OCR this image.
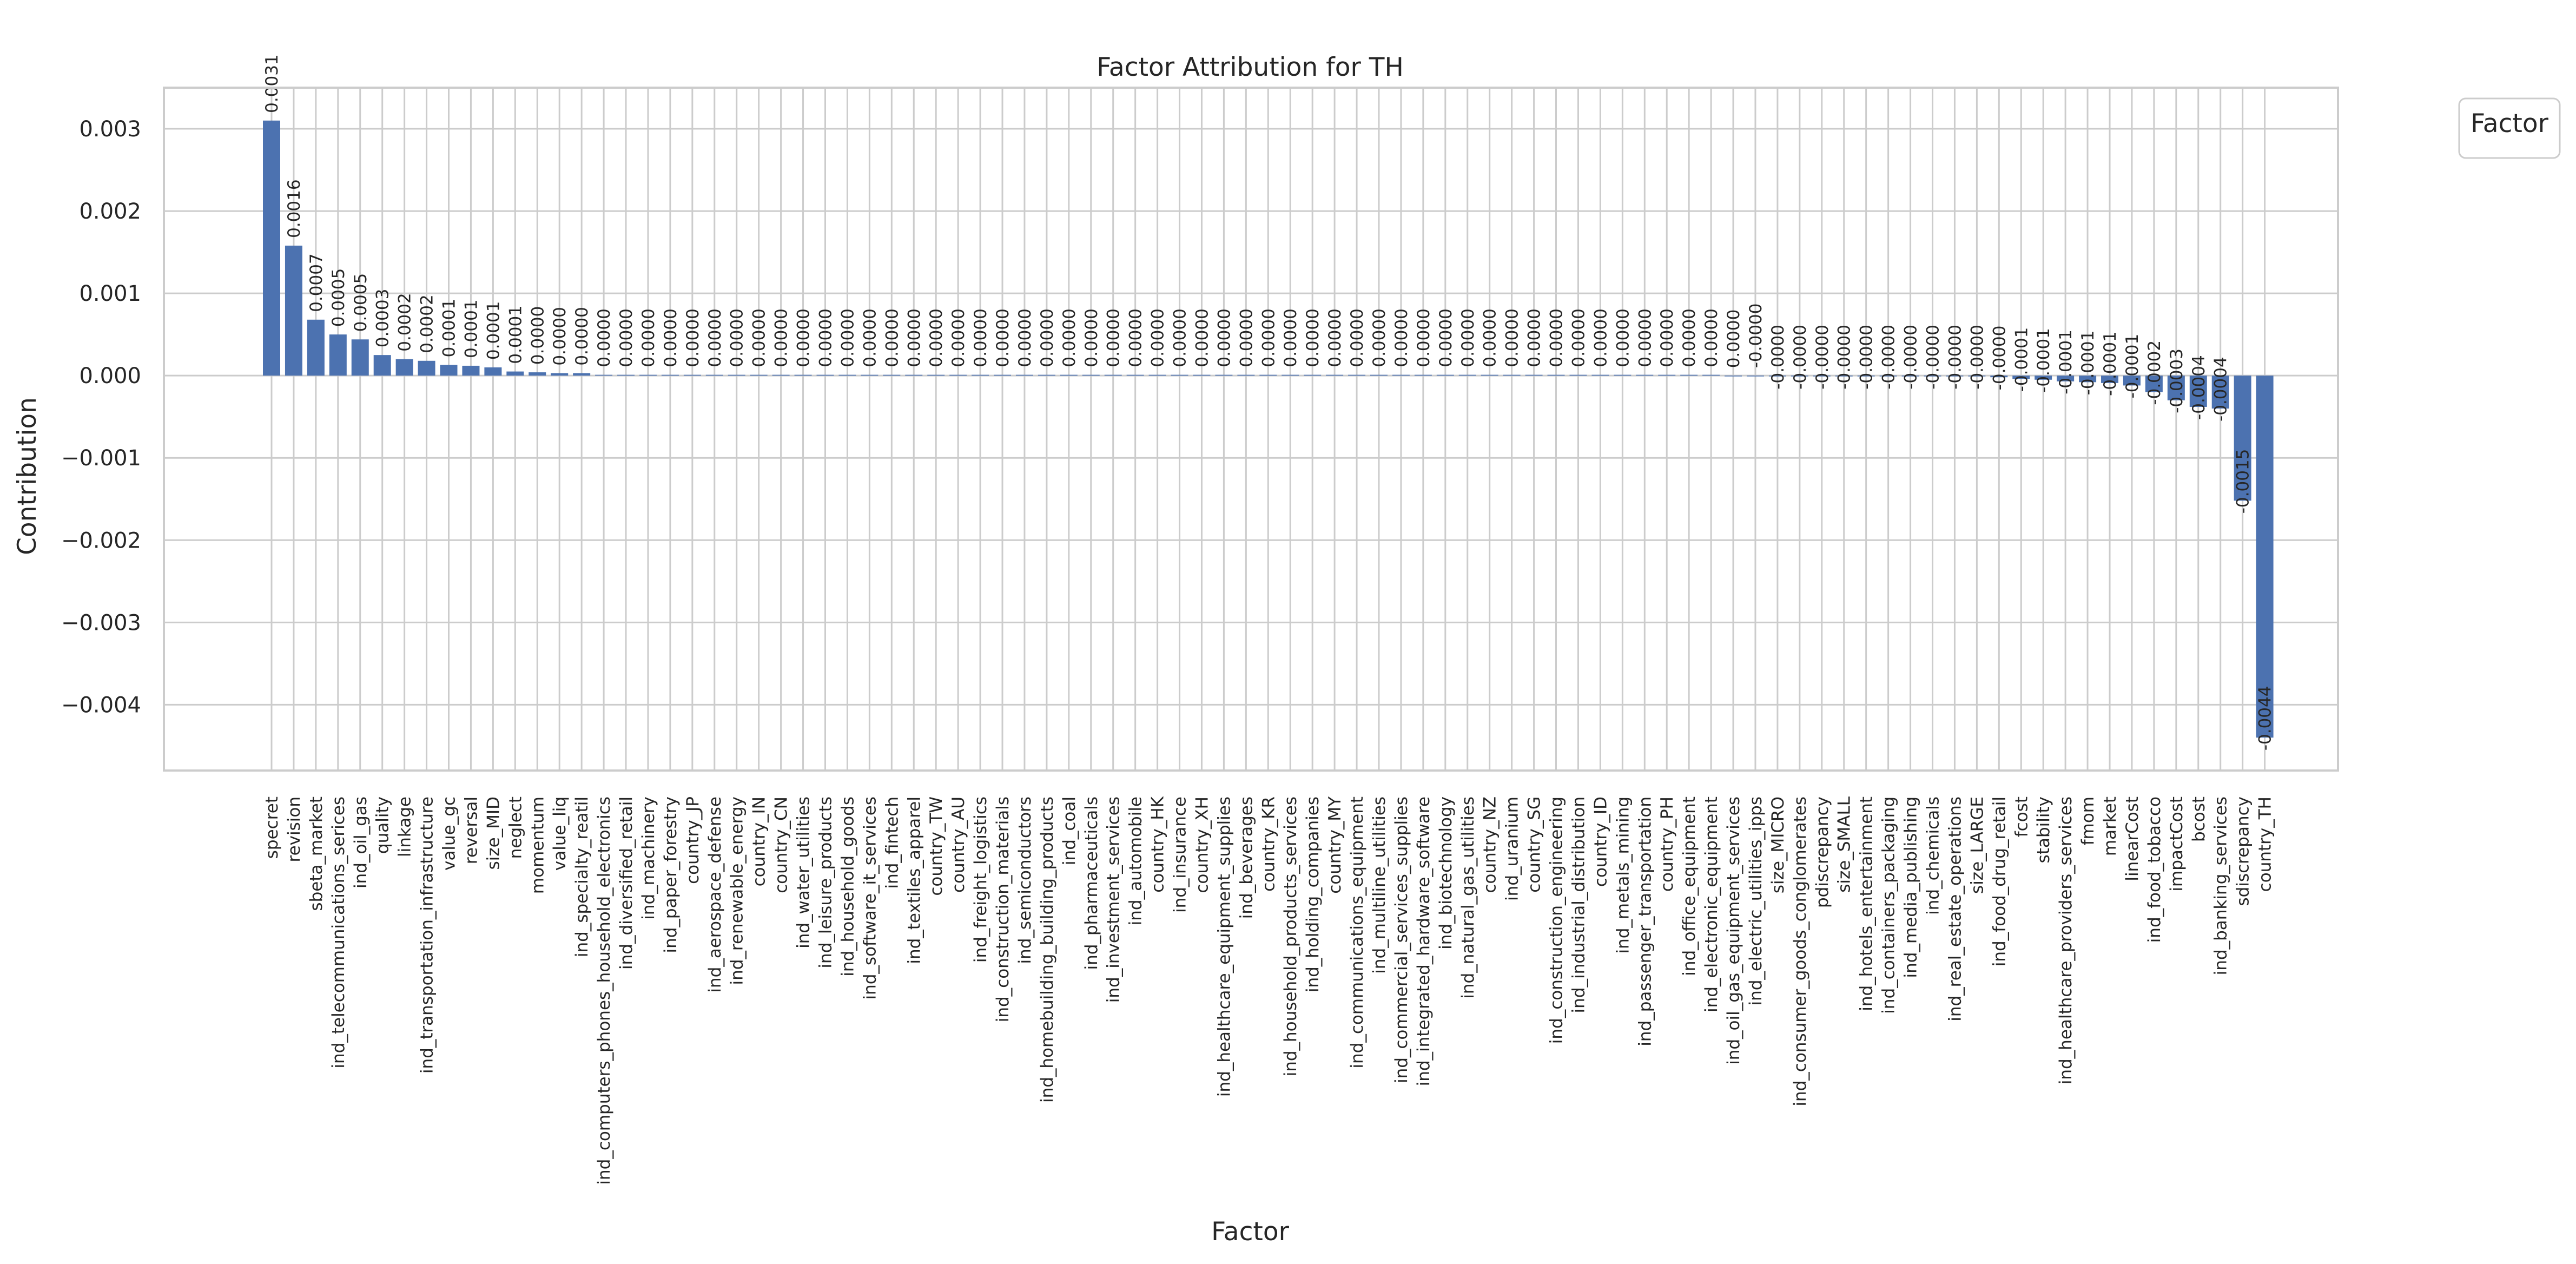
0.0031
0.0016
0.0007 0.0005 0.0005 0.0003 0.0002 0.0002 0.0001 0.0001 0.0001 0.0001 0.0000 0.0000 0.0000 0.0000 0.0000 0.0000 0.0000 0.0000 0.0000 0.0000 0.0000 0.0000 0.0000 0.0000 0.0000 0.0000 0.0000 0.0000 0.0000 0.0000 0.0000 0.0000 0.0000 0.0000 0.0000 0.0000 0.0000 0.0000 0.0000 0.0000 0.0000 0.0000 0.0000 0.0000 0.0000 0.0000 0.0000 0.0000 0.0000 0.0000 0.0000 0.0000 0.0000 0.0000 0.0000 0.0000 0.0000 0.0000 0.0000 0.0000 0.0000 0.0000 0.0000 0.0000 0.0000 -0.0000 -0.0000 -0.0000 -0.0000 -0.0000 -0.0000 -0.0000 -0.0000 -0.0000 -0.0000 -0.0000 -0.0000 -0.0001 -0.0001 -0.0001 -0.0001 -0.0001 -0.0001 -0.0002 -0.0003 -0.0004 -0.0004
-0.0015
-0.0044
−0.004
−0.003
−0.002
−0.001
0.000
0.001
0.002
0.003
specret revision sbeta_market ind_telecommunications_serices ind_oil_gas quality linkage ind_transportation_infrastructure value_gc reversal size_MID neglect momentum value_liq ind_specialty_reatil ind_computers_phones_household_electronics ind_diversified_retail ind_machinery ind_paper_forestry country_JP ind_aerospace_defense ind_renewable_energy country_IN country_CN ind_water_utilities ind_leisure_products ind_household_goods ind_software_it_services ind_fintech ind_textiles_apparel country_TW country_AU ind_freight_logistics ind_construction_materials ind_semiconductors ind_homebuilding_building_products ind_coal ind_pharmaceuticals ind_investment_services ind_automobile country_HK ind_insurance country_XH ind_healthcare_equipment_supplies ind_beverages country_KR ind_household_products_services ind_holding_companies country_MY ind_communications_equipment ind_multiline_utilities ind_commercial_services_supplies ind_integrated_hardware_software ind_biotechnology ind_natural_gas_utilities country_NZ ind_uranium country_SG ind_construction_engineering ind_industrial_distribution country_ID ind_metals_mining ind_passenger_transportation country_PH ind_office_equipment ind_electronic_equipment ind_oil_gas_equipment_services ind_electric_utilities_ipps size_MICRO ind_consumer_goods_conglomerates pdiscrepancy size_SMALL ind_hotels_entertainment ind_containers_packaging ind_media_publishing ind_chemicals ind_real_estate_operations size_LARGE ind_food_drug_retail fcost stability ind_healthcare_providers_services fmom market linearCost ind_food_tobacco impactCost bcost ind_banking_services sdiscrepancy country_TH
Factor Attribution for TH
Contribution
Factor
Factor
